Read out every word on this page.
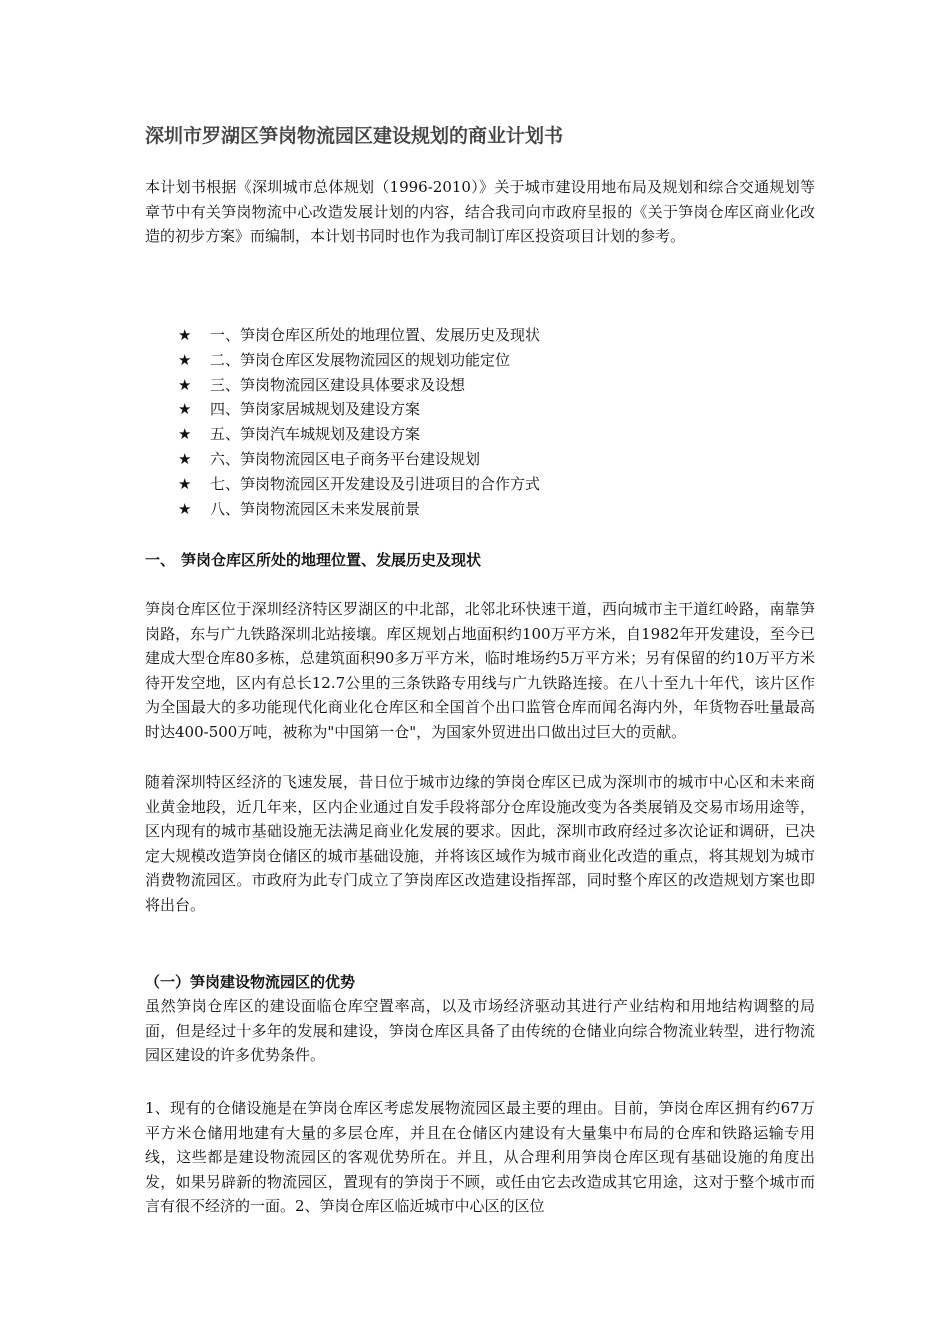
深圳市罗湖区笋岗物流园区建设规划的商业计划书

本计划书根据《深圳城市总体规划（1996-2010）》关于城市建设用地布局及规划和综合交通规划等章节中有关笋岗物流中心改造发展计划的内容，结合我司向市政府呈报的《关于笋岗仓库区商业化改造的初步方案》而编制，本计划书同时也作为我司制订库区投资项目计划的参考。

★ 一、笋岗仓库区所处的地理位置、发展历史及现状
★ 二、笋岗仓库区发展物流园区的规划功能定位
★ 三、笋岗物流园区建设具体要求及设想
★ 四、笋岗家居城规划及建设方案
★ 五、笋岗汽车城规划及建设方案
★ 六、笋岗物流园区电子商务平台建设规划
★ 七、笋岗物流园区开发建设及引进项目的合作方式
★ 八、笋岗物流园区未来发展前景
一、 笋岗仓库区所处的地理位置、发展历史及现状

笋岗仓库区位于深圳经济特区罗湖区的中北部，北邻北环快速干道，西向城市主干道红岭路，南靠笋岗路，东与广九铁路深圳北站接壤。库区规划占地面积约100万平方米，自1982年开发建设，至今已建成大型仓库80多栋，总建筑面积90多万平方米，临时堆场约5万平方米；另有保留的约10万平方米待开发空地，区内有总长12.7公里的三条铁路专用线与广九铁路连接。在八十至九十年代，该片区作为全国最大的多功能现代化商业化仓库区和全国首个出口监管仓库而闻名海内外，年货物吞吐量最高时达400-500万吨，被称为"中国第一仓"，为国家外贸进出口做出过巨大的贡献。

随着深圳特区经济的飞速发展，昔日位于城市边缘的笋岗仓库区已成为深圳市的城市中心区和未来商业黄金地段，近几年来，区内企业通过自发手段将部分仓库设施改变为各类展销及交易市场用途等，区内现有的城市基础设施无法满足商业化发展的要求。因此，深圳市政府经过多次论证和调研，已决定大规模改造笋岗仓储区的城市基础设施，并将该区域作为城市商业化改造的重点，将其规划为城市消费物流园区。市政府为此专门成立了笋岗库区改造建设指挥部，同时整个库区的改造规划方案也即将出台。

（一）笋岗建设物流园区的优势

虽然笋岗仓库区的建设面临仓库空置率高，以及市场经济驱动其进行产业结构和用地结构调整的局面，但是经过十多年的发展和建设，笋岗仓库区具备了由传统的仓储业向综合物流业转型，进行物流园区建设的许多优势条件。

1、现有的仓储设施是在笋岗仓库区考虑发展物流园区最主要的理由。目前，笋岗仓库区拥有约67万平方米仓储用地建有大量的多层仓库，并且在仓储区内建设有大量集中布局的仓库和铁路运输专用线，这些都是建设物流园区的客观优势所在。并且，从合理利用笋岗仓库区现有基础设施的角度出发，如果另辟新的物流园区，置现有的笋岗于不顾，或任由它去改造成其它用途，这对于整个城市而言有很不经济的一面。2、笋岗仓库区临近城市中心区的区位
